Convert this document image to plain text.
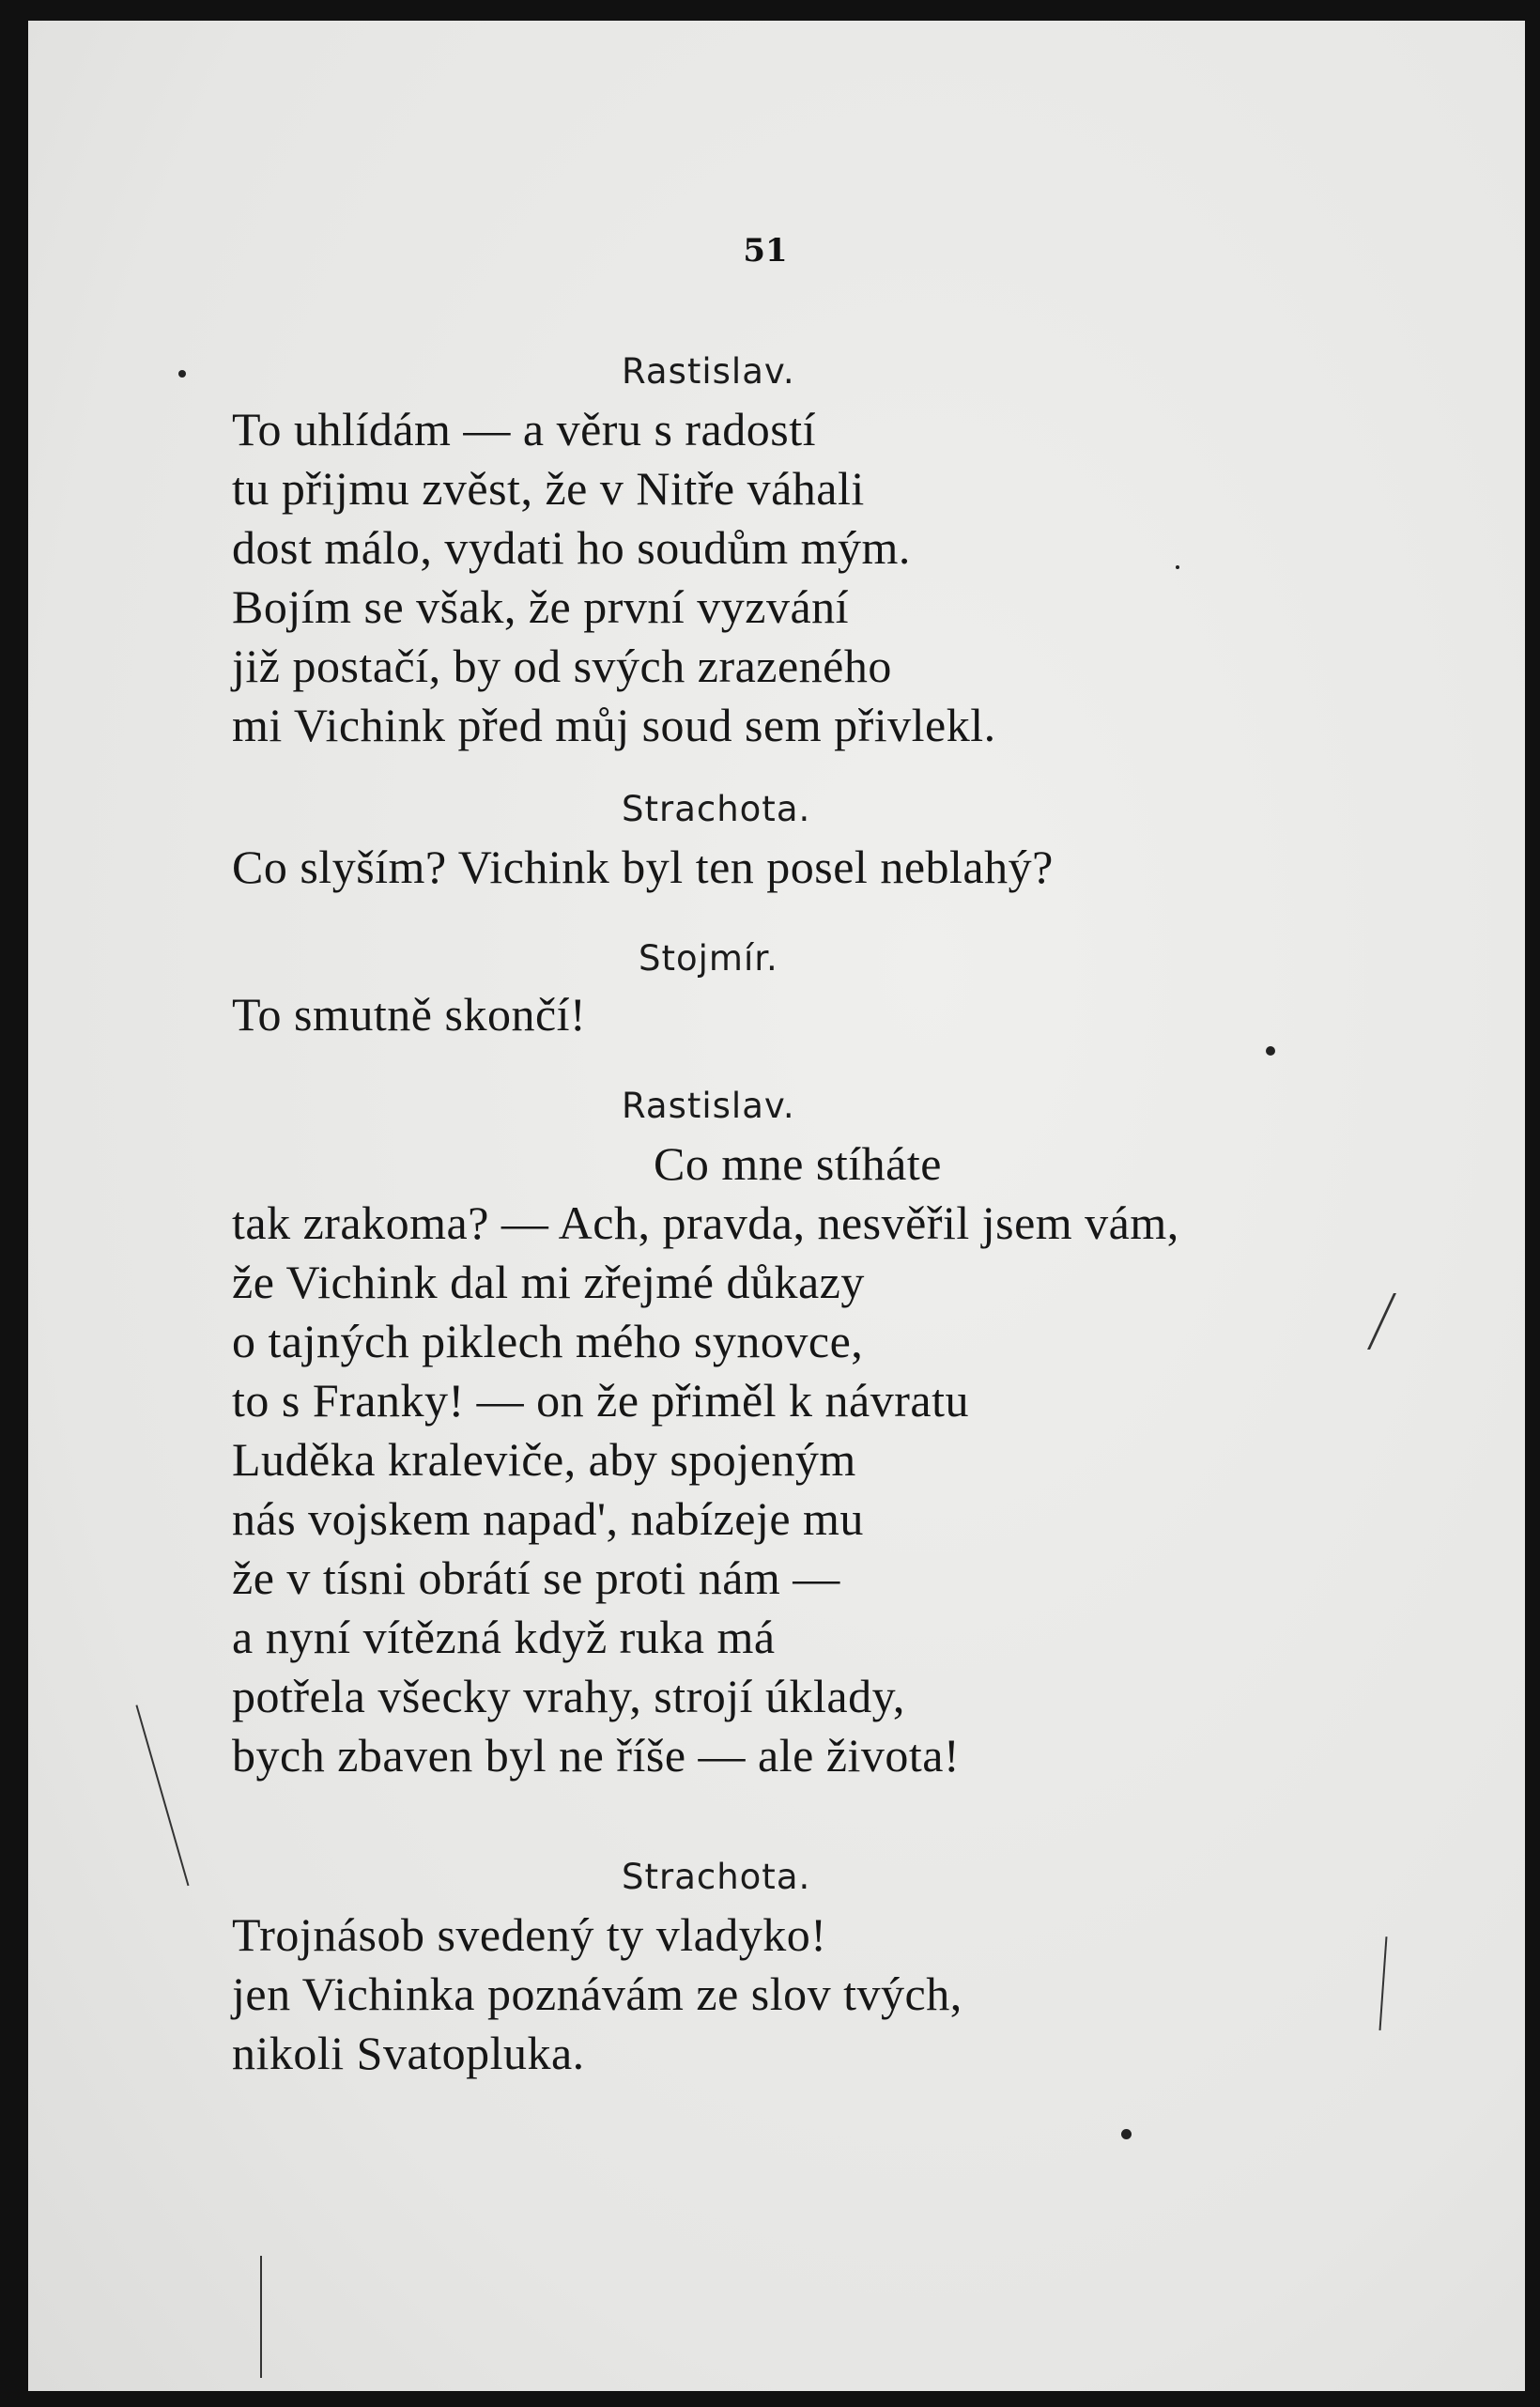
51
Rastislav.
To uhlídám — a věru s radostí
tu přijmu zvěst, že v Nitře váhali
dost málo, vydati ho soudům mým.
Bojím se však, že první vyzvání
již postačí, by od svých zrazeného
mi Vichink před můj soud sem přivlekl.
Strachota.
Co slyším? Vichink byl ten posel neblahý?
Stojmír.
To smutně skončí!
Rastislav.
Co mne stíháte
tak zrakoma? — Ach, pravda, nesvěřil jsem vám,
že Vichink dal mi zřejmé důkazy
o tajných piklech mého synovce,
to s Franky! — on že přiměl k návratu
Luděka kraleviče, aby spojeným
nás vojskem napad', nabízeje mu
že v tísni obrátí se proti nám —
a nyní vítězná když ruka má
potřela všecky vrahy, strojí úklady,
bych zbaven byl ne říše — ale života!
Strachota.
Trojnásob svedený ty vladyko!
jen Vichinka poznávám ze slov tvých,
nikoli Svatopluka.
